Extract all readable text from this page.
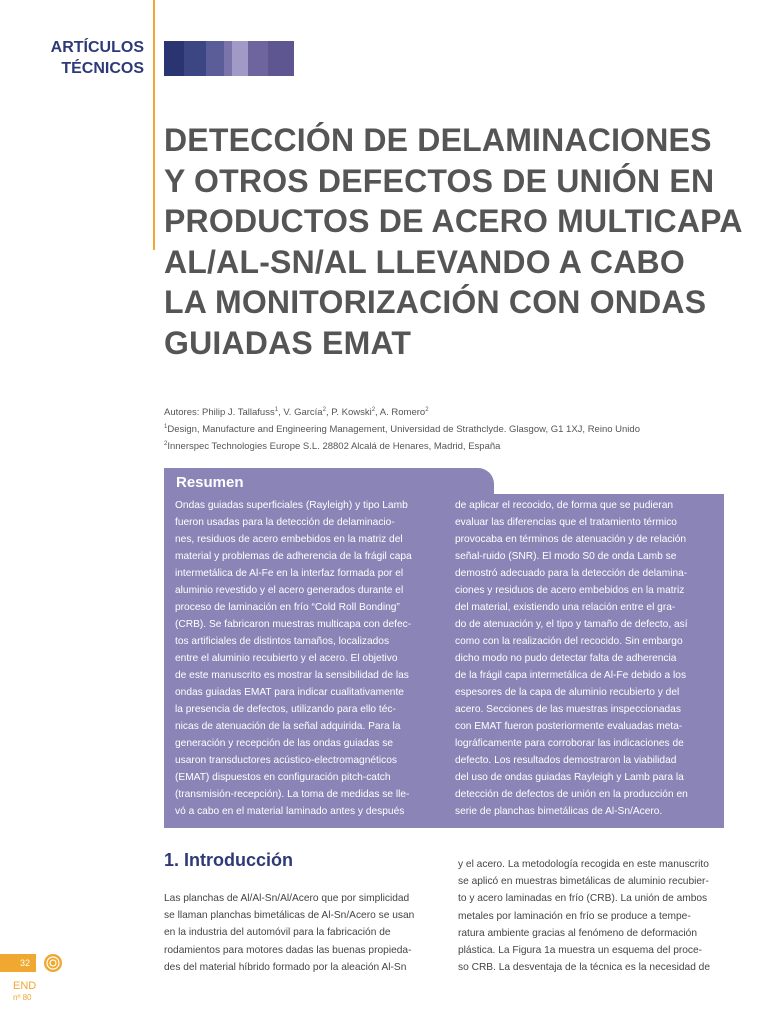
ARTÍCULOS
TÉCNICOS
DETECCIÓN DE DELAMINACIONES
Y OTROS DEFECTOS DE UNIÓN EN
PRODUCTOS DE ACERO MULTICAPA
AL/AL-SN/AL LLEVANDO A CABO
LA MONITORIZACIÓN CON ONDAS
GUIADAS EMAT
Autores: Philip J. Tallafuss$^1$, V. García$^2$, P. Kowski$^2$, A. Romero$^2$
$^1$Design, Manufacture and Engineering Management, Universidad de Strathclyde. Glasgow, G1 1XJ, Reino Unido
$^2$Innerspec Technologies Europe S.L. 28802 Alcalá de Henares, Madrid, España
Resumen
Ondas guiadas superficiales (Rayleigh) y tipo Lamb
fueron usadas para la detección de delaminacio-
nes, residuos de acero embebidos en la matriz del
material y problemas de adherencia de la frágil capa
intermetálica de Al-Fe en la interfaz formada por el
aluminio revestido y el acero generados durante el
proceso de laminación en frío “Cold Roll Bonding”
(CRB). Se fabricaron muestras multicapa con defec-
tos artificiales de distintos tamaños, localizados
entre el aluminio recubierto y el acero. El objetivo
de este manuscrito es mostrar la sensibilidad de las
ondas guiadas EMAT para indicar cualitativamente
la presencia de defectos, utilizando para ello téc-
nicas de atenuación de la señal adquirida. Para la
generación y recepción de las ondas guiadas se
usaron transductores acústico-electromagnéticos
(EMAT) dispuestos en configuración pitch-catch
(transmisión-recepción). La toma de medidas se lle-
vó a cabo en el material laminado antes y después
de aplicar el recocido, de forma que se pudieran
evaluar las diferencias que el tratamiento térmico
provocaba en términos de atenuación y de relación
señal-ruido (SNR). El modo S0 de onda Lamb se
demostró adecuado para la detección de delamina-
ciones y residuos de acero embebidos en la matriz
del material, existiendo una relación entre el gra-
do de atenuación y, el tipo y tamaño de defecto, así
como con la realización del recocido. Sin embargo
dicho modo no pudo detectar falta de adherencia
de la frágil capa intermetálica de Al-Fe debido a los
espesores de la capa de aluminio recubierto y del
acero. Secciones de las muestras inspeccionadas
con EMAT fueron posteriormente evaluadas meta-
lográficamente para corroborar las indicaciones de
defecto. Los resultados demostraron la viabilidad
del uso de ondas guiadas Rayleigh y Lamb para la
detección de defectos de unión en la producción en
serie de planchas bimetálicas de Al-Sn/Acero.
1. Introducción
Las planchas de Al/Al-Sn/Al/Acero que por simplicidad
se llaman planchas bimetálicas de Al-Sn/Acero se usan
en la industria del automóvil para la fabricación de
rodamientos para motores dadas las buenas propieda-
des del material híbrido formado por la aleación Al-Sn
y el acero. La metodología recogida en este manuscrito
se aplicó en muestras bimetálicas de aluminio recubier-
to y acero laminadas en frío (CRB). La unión de ambos
metales por laminación en frío se produce a tempe-
ratura ambiente gracias al fenómeno de deformación
plástica. La Figura 1a muestra un esquema del proce-
so CRB. La desventaja de la técnica es la necesidad de
32
END
nº 80
